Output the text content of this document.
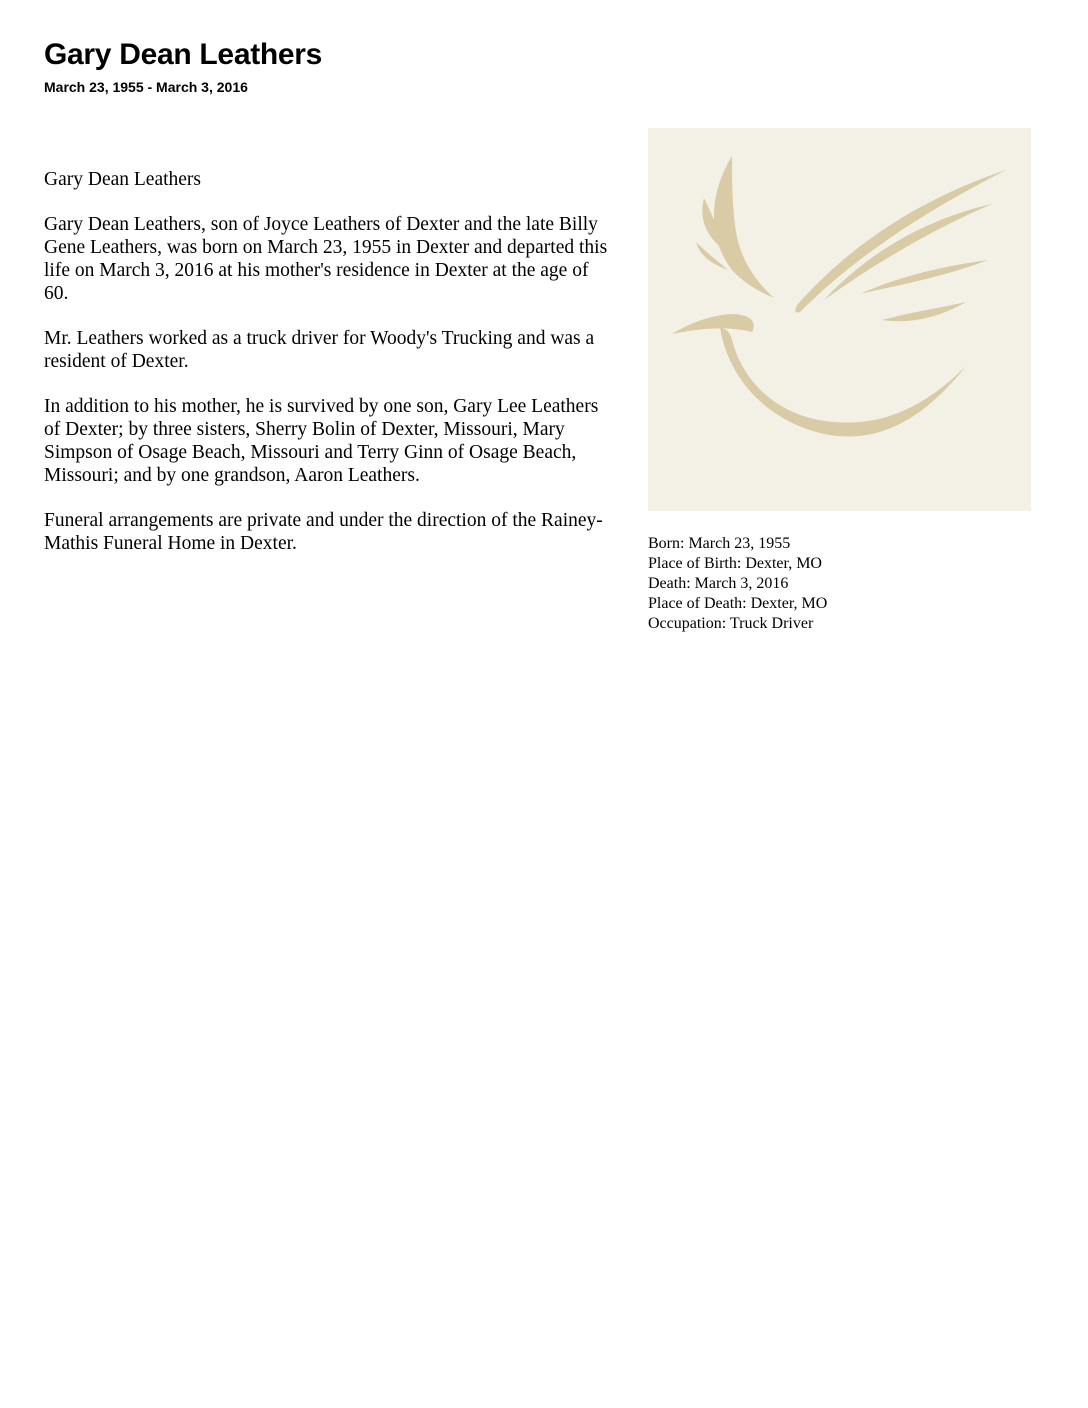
Gary Dean Leathers
March 23, 1955 - March 3, 2016

Gary Dean Leathers

Gary Dean Leathers, son of Joyce Leathers of Dexter and the late Billy Gene Leathers, was born on March 23, 1955 in Dexter and departed this life on March 3, 2016 at his mother's residence in Dexter at the age of 60.

Mr. Leathers worked as a truck driver for Woody's Trucking and was a resident of Dexter.

In addition to his mother, he is survived by one son, Gary Lee Leathers of Dexter; by three sisters, Sherry Bolin of Dexter, Missouri, Mary Simpson of Osage Beach, Missouri and Terry Ginn of Osage Beach, Missouri; and by one grandson, Aaron Leathers.

Funeral arrangements are private and under the direction of the Rainey-Mathis Funeral Home in Dexter.	Born: March 23, 1955
Place of Birth: Dexter, MO
Death: March 3, 2016
Place of Death: Dexter, MO
Occupation: Truck Driver
